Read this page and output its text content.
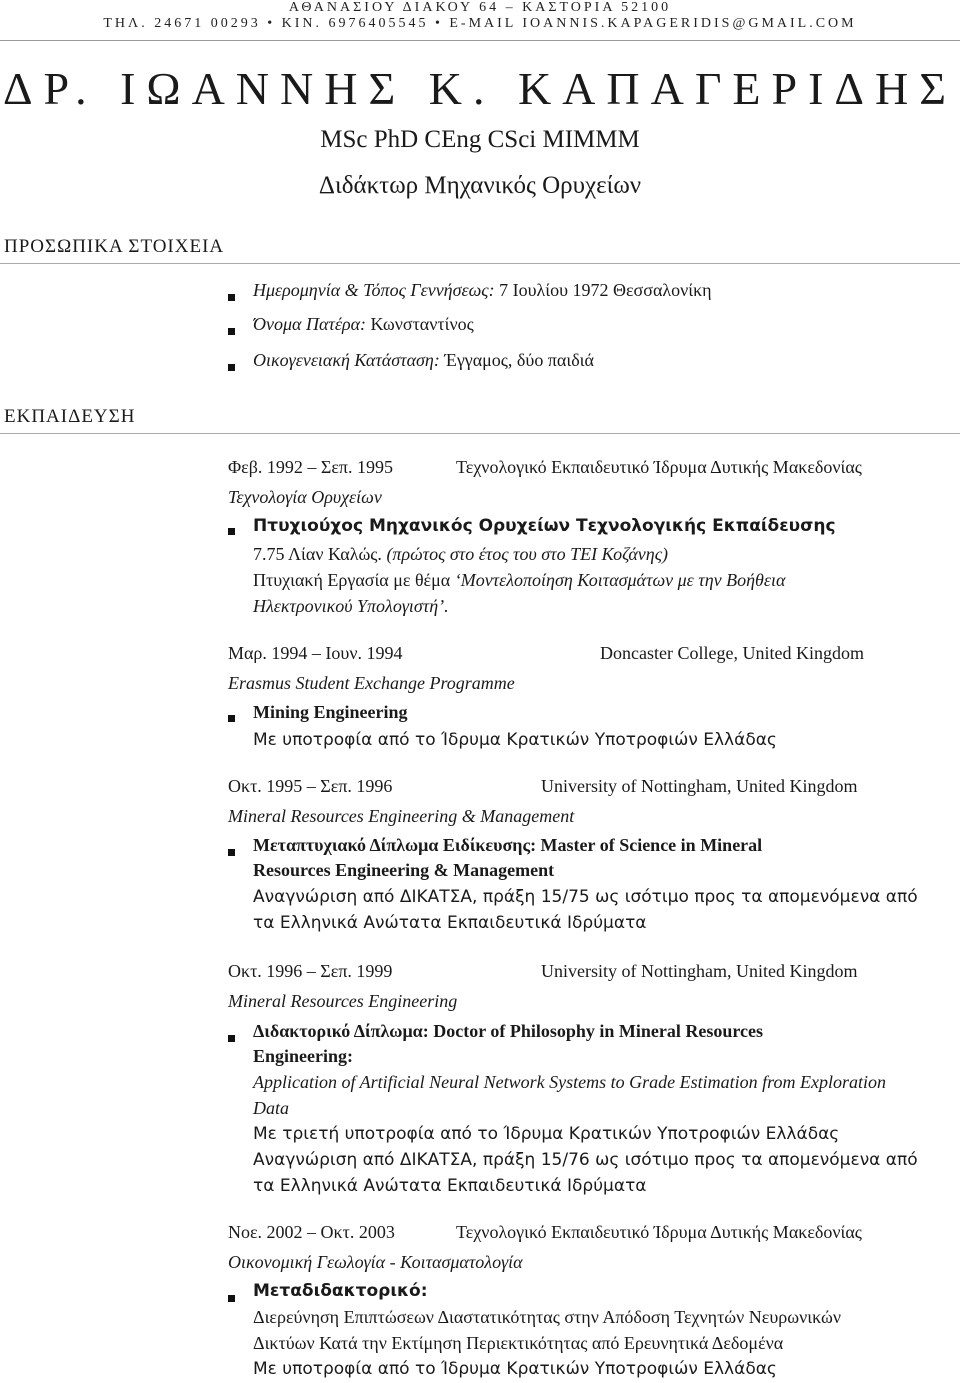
ΑΘΑΝΑΣΙΟΥ ΔΙΑΚΟΥ 64 – ΚΑΣΤΟΡΙΑ 52100
ΤΗΛ. 24671 00293 • ΚΙΝ. 6976405545 • E-MAIL IOANNIS.KAPAGERIDIS@GMAIL.COM
ΔΡ. ΙΩΑΝΝΗΣ Κ. ΚΑΠΑΓΕΡΙΔΗΣ
MSc PhD CEng CSci MIMMM
Διδάκτωρ Μηχανικός Ορυχείων
ΠΡΟΣΩΠΙΚΑ ΣΤΟΙΧΕΙΑ
Ημερομηνία & Τόπος Γεννήσεως: 7 Ιουλίου 1972 Θεσσαλονίκη
Όνομα Πατέρα: Κωνσταντίνος
Οικογενειακή Κατάσταση: Έγγαμος, δύο παιδιά
ΕΚΠΑΙΔΕΥΣΗ
Φεβ. 1992 – Σεπ. 1995	Τεχνολογικό Εκπαιδευτικό Ίδρυμα Δυτικής Μακεδονίας
Τεχνολογία Ορυχείων
Πτυχιούχος Μηχανικός Ορυχείων Τεχνολογικής Εκπαίδευσης
7.75 Λίαν Καλώς. (πρώτος στο έτος του στο ΤΕΙ Κοζάνης)
Πτυχιακή Εργασία με θέμα ‘Μοντελοποίηση Κοιτασμάτων με την Βοήθεια
Ηλεκτρονικού Υπολογιστή’.
Μαρ. 1994 – Ιουν. 1994	Doncaster College, United Kingdom
Erasmus Student Exchange Programme
Mining Engineering
Με υποτροφία από το Ίδρυμα Κρατικών Υποτροφιών Ελλάδας
Οκτ. 1995 – Σεπ. 1996	University of Nottingham, United Kingdom
Mineral Resources Engineering & Management
Μεταπτυχιακό Δίπλωμα Ειδίκευσης: Master of Science in Mineral
Resources Engineering & Management
Αναγνώριση από ΔΙΚΑΤΣΑ, πράξη 15/75 ως ισότιμο προς τα απομενόμενα από
τα Ελληνικά Ανώτατα Εκπαιδευτικά Ιδρύματα
Οκτ. 1996 – Σεπ. 1999	University of Nottingham, United Kingdom
Mineral Resources Engineering
Διδακτορικό Δίπλωμα: Doctor of Philosophy in Mineral Resources
Engineering:
Application of Artificial Neural Network Systems to Grade Estimation from Exploration
Data
Με τριετή υποτροφία από το Ίδρυμα Κρατικών Υποτροφιών Ελλάδας
Αναγνώριση από ΔΙΚΑΤΣΑ, πράξη 15/76 ως ισότιμο προς τα απομενόμενα από
τα Ελληνικά Ανώτατα Εκπαιδευτικά Ιδρύματα
Νοε. 2002 – Οκτ. 2003	Τεχνολογικό Εκπαιδευτικό Ίδρυμα Δυτικής Μακεδονίας
Οικονομική Γεωλογία - Κοιτασματολογία
Μεταδιδακτορικό:
Διερεύνηση Επιπτώσεων Διαστατικότητας στην Απόδοση Τεχνητών Νευρωνικών
Δικτύων Κατά την Εκτίμηση Περιεκτικότητας από Ερευνητικά Δεδομένα
Με υποτροφία από το Ίδρυμα Κρατικών Υποτροφιών Ελλάδας
